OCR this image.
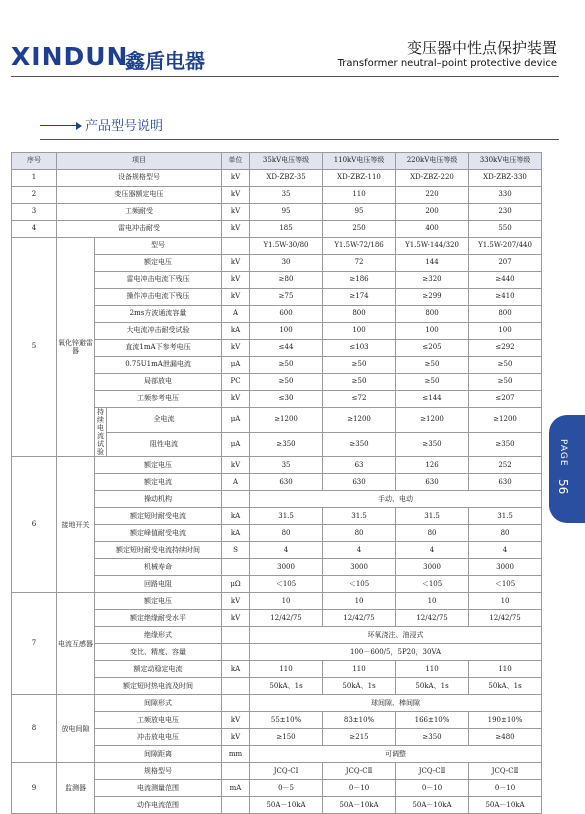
XINDUN
鑫盾电器
变压器中性点保护装置
Transformer neutral–point protective device
产品型号说明
序号	项目			单位	35kV电压等级	110kV电压等级	220kV电压等级	330kV电压等级
1	设备规格型号			kV	XD-ZBZ-35	XD-ZBZ-110	XD-ZBZ-220	XD-ZBZ-330
2	变压器额定电压			kV	35	110	220	330
3	工频耐受			kV	95	95	200	230
4	雷电冲击耐受			kV	185	250	400	550
5	氧化锌避雷器	型号			Y1.5W-30/80	Y1.5W-72/186	Y1.5W-144/320	Y1.5W-207/440
		额定电压		kV	30	72	144	207
		雷电冲击电流下残压		kV	≥80	≥186	≥320	≥440
		操作冲击电流下残压		kV	≥75	≥174	≥299	≥410
		2ms方波通流容量		A	600	800	800	800
		大电流冲击耐受试验		kA	100	100	100	100
		直流1mA下参考电压		kV	≤44	≤103	≤205	≤292
		0.75U1mA泄漏电流		μA	≥50	≥50	≥50	≥50
		局部放电		PC	≥50	≥50	≥50	≥50
		工频参考电压		kV	≤30	≤72	≤144	≤207
		持续电流试验	全电流	μA	≥1200	≥1200	≥1200	≥1200
			阻性电流	μA	≥350	≥350	≥350	≥350
6	接地开关	额定电压		kV	35	63	126	252
		额定电流		A	630	630	630	630
		操动机构			手动、电动			
		额定短时耐受电流		kA	31.5	31.5	31.5	31.5
		额定峰值耐受电流		kA	80	80	80	80
		额定短时耐受电流持续时间		S	4	4	4	4
		机械寿命			3000	3000	3000	3000
		回路电阻		μΩ	＜105	＜105	＜105	＜105
7	电流互感器	额定电压		kV	10	10	10	10
		额定绝缘耐受水平		kV	12/42/75	12/42/75	12/42/75	12/42/75
		绝缘形式			环氧浇注、油浸式			
		变比、精度、容量			100－600/5，5P20，30VA			
		额定动稳定电流		kA	110	110	110	110
		额定短时热电流及时间			50kA、1s	50kA、1s	50kA、1s	50kA、1s
8	放电间隙	间隙形式			球间隙、棒间隙			
		工频放电电压		kV	55±10%	83±10%	166±10%	190±10%
		冲击放电电压		kV	≥150	≥215	≥350	≥480
		间隙距离		mm	可调整			
9	监测器	规格型号			JCQ-CⅠ	JCQ-CⅡ	JCQ-CⅡ	JCQ-CⅡ
		电流测量范围		mA	0－5	0－10	0－10	0－10
		动作电流范围			50A－10kA	50A－10kA	50A－10kA	50A－10kA
PAGE
56
